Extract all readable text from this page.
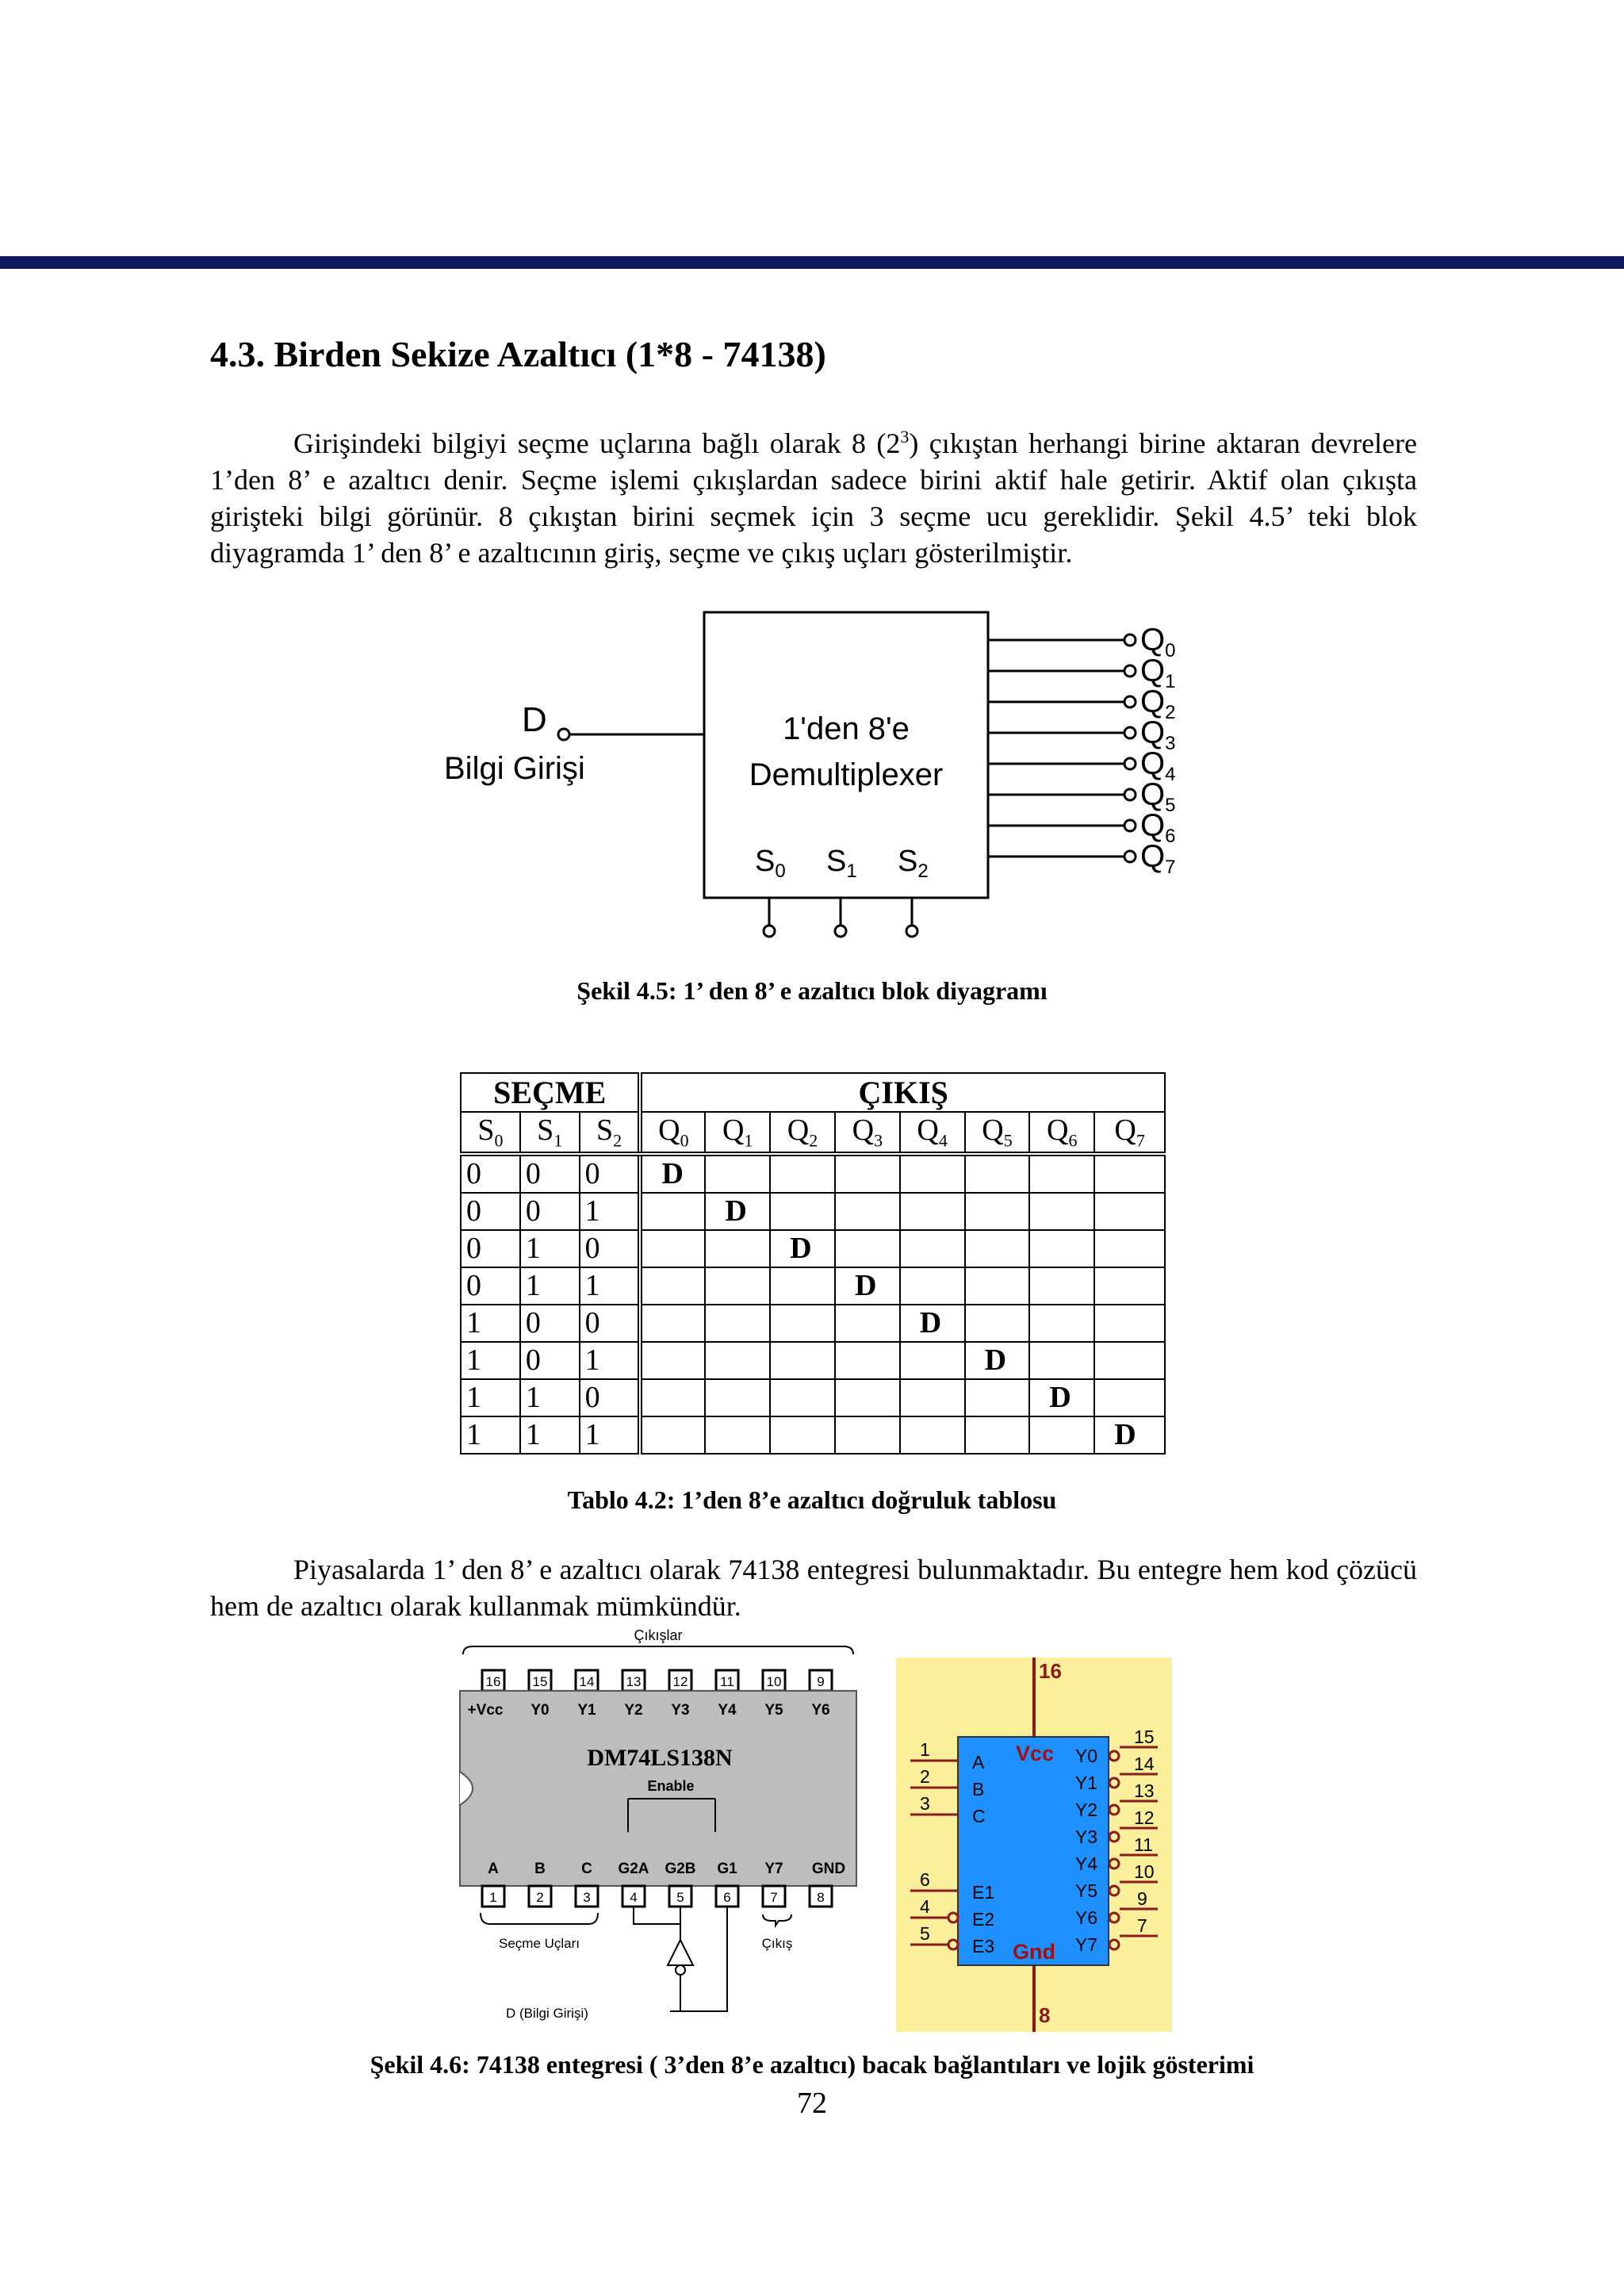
4.3. Birden Sekize Azaltıcı (1*8 - 74138)

Girişindeki bilgiyi seçme uçlarına bağlı olarak 8 $(2^3)$ çıkıştan herhangi birine aktaran devrelere 1’den 8’ e azaltıcı denir. Seçme işlemi çıkışlardan sadece birini aktif hale getirir. Aktif olan çıkışta girişteki bilgi görünür. 8 çıkıştan birini seçmek için 3 seçme ucu gereklidir. Şekil 4.5’ teki blok diyagramda 1’ den 8’ e azaltıcının giriş, seçme ve çıkış uçları gösterilmiştir.

1'den 8'e
Demultiplexer
D
Bilgi Girişi
$S_0$ $S_1$ $S_2$
$Q_0$
$Q_1$
$Q_2$
$Q_3$
$Q_4$
$Q_5$
$Q_6$
$Q_7$

Şekil 4.5: 1’ den 8’ e azaltıcı blok diyagramı

SEÇME			ÇIKIŞ							
$S_0$	$S_1$	$S_2$	$Q_0$	$Q_1$	$Q_2$	$Q_3$	$Q_4$	$Q_5$	$Q_6$	$Q_7$
0	0	0	D							
0	0	1		D						
0	1	0			D					
0	1	1				D				
1	0	0					D			
1	0	1						D		
1	1	0							D	
1	1	1								D

Tablo 4.2: 1’den 8’e azaltıcı doğruluk tablosu

Piyasalarda 1’ den 8’ e azaltıcı olarak 74138 entegresi bulunmaktadır. Bu entegre hem kod çözücü hem de azaltıcı olarak kullanmak mümkündür.

Çıkışlar
16 15 14 13 12 11 10	9
+Vcc Y0 Y1 Y2 Y3 Y4 Y5 Y6
DM74LS138N
Enable
A B C G2A G2B G1 Y7 GND
1	2	3	4	5	6	7	8
Seçme Uçları	Çıkış
D (Bilgi Girişi)
16
8
Vcc
Gnd
1
2
3
6
4
5
A
B
C
E1
E2
E3
Y0
Y1
Y2
Y3
Y4
Y5
Y6
Y7
15
14
13
12
11
10
9
7

Şekil 4.6: 74138 entegresi ( 3’den 8’e azaltıcı) bacak bağlantıları ve lojik gösterimi

72
